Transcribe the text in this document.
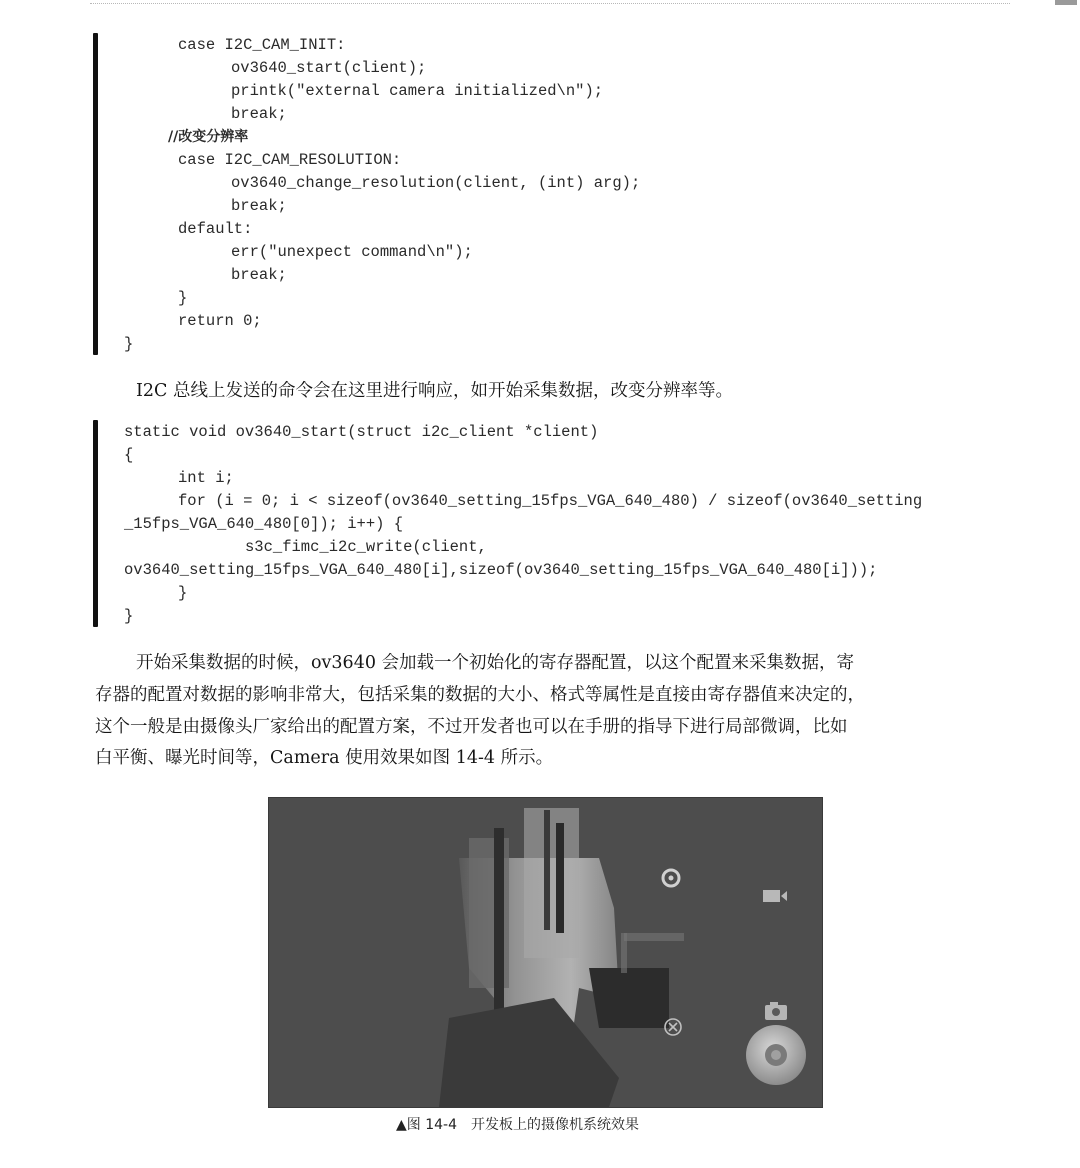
case I2C_CAM_INIT:
ov3640_start(client);
printk("external camera initialized\n");
break;
//改变分辨率
case I2C_CAM_RESOLUTION:
ov3640_change_resolution(client, (int) arg);
break;
default:
err("unexpect command\n");
break;
}
return 0;
}
I2C 总线上发送的命令会在这里进行响应，如开始采集数据，改变分辨率等。
static void ov3640_start(struct i2c_client *client)
{
int i;
for (i = 0; i < sizeof(ov3640_setting_15fps_VGA_640_480) / sizeof(ov3640_setting
_15fps_VGA_640_480[0]); i++) {
s3c_fimc_i2c_write(client,
ov3640_setting_15fps_VGA_640_480[i],sizeof(ov3640_setting_15fps_VGA_640_480[i]));
}
}
开始采集数据的时候，ov3640 会加载一个初始化的寄存器配置，以这个配置来采集数据，寄
存器的配置对数据的影响非常大，包括采集的数据的大小、格式等属性是直接由寄存器值来决定的，
这个一般是由摄像头厂家给出的配置方案，不过开发者也可以在手册的指导下进行局部微调，比如
白平衡、曝光时间等，Camera 使用效果如图 14-4 所示。
▲图 14-4　开发板上的摄像机系统效果
